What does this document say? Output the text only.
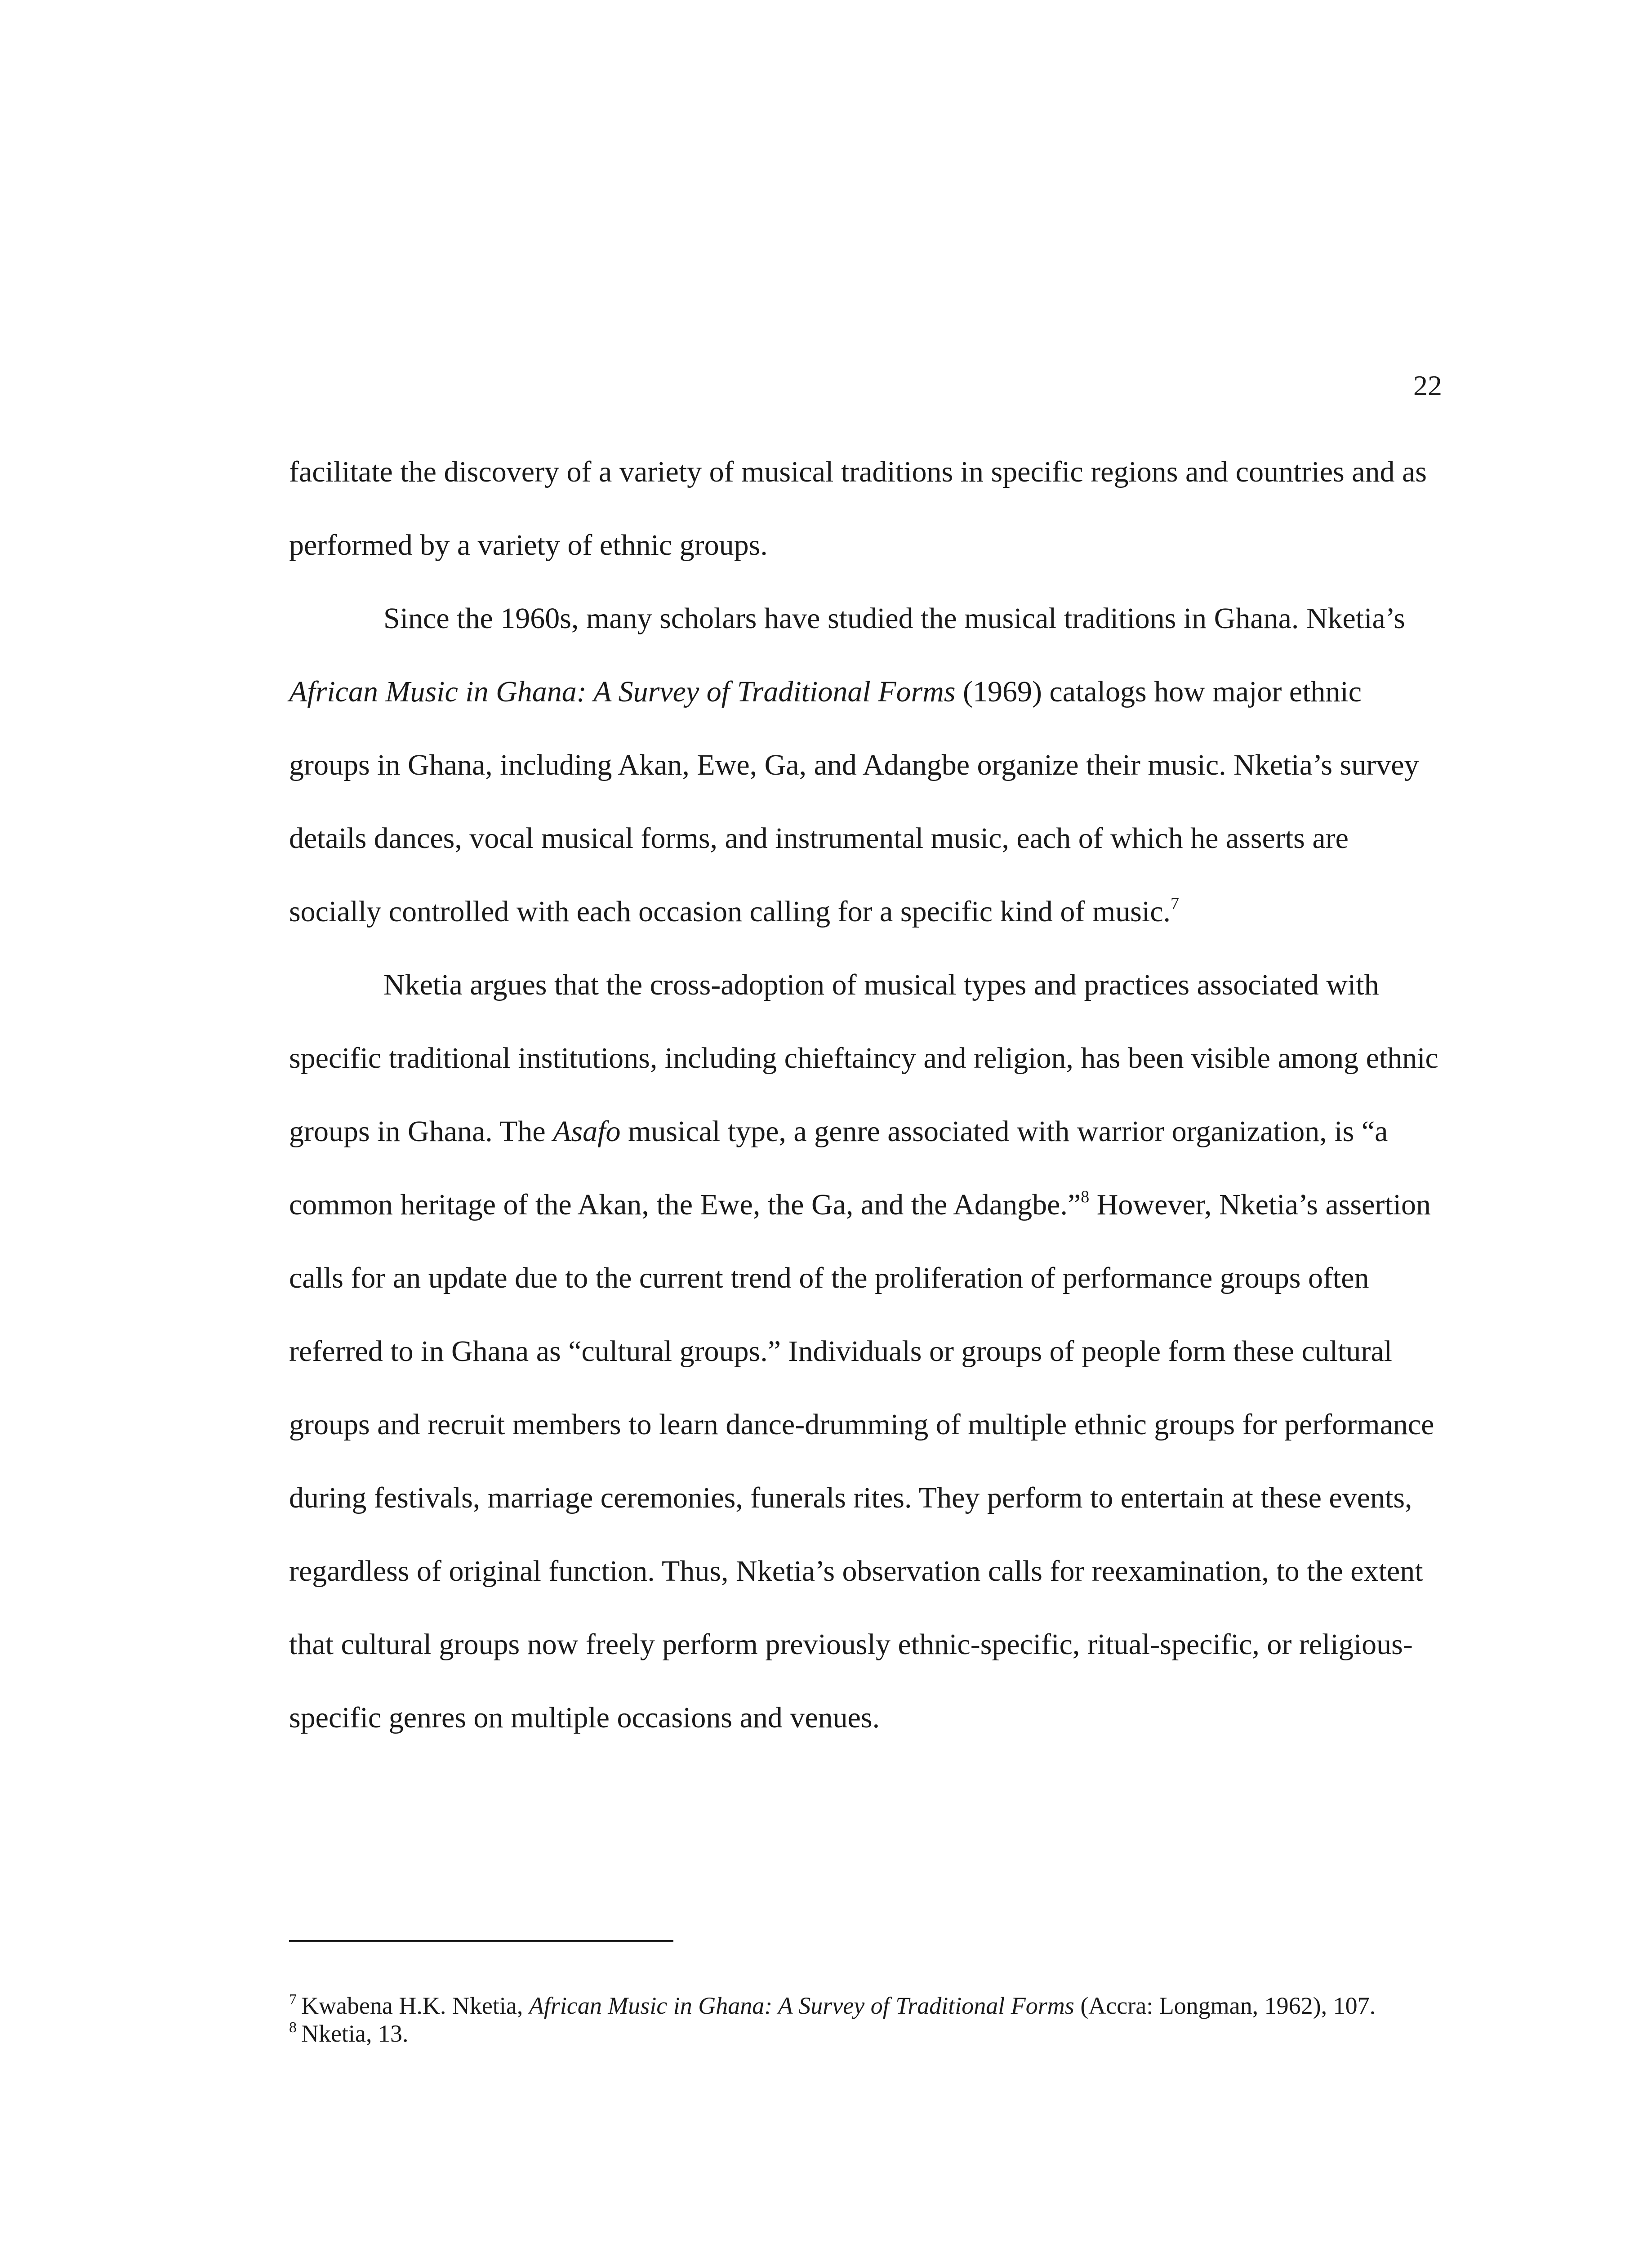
22

facilitate the discovery of a variety of musical traditions in specific regions and countries and as performed by a variety of ethnic groups.

Since the 1960s, many scholars have studied the musical traditions in Ghana. Nketia’s African Music in Ghana: A Survey of Traditional Forms (1969) catalogs how major ethnic groups in Ghana, including Akan, Ewe, Ga, and Adangbe organize their music. Nketia’s survey details dances, vocal musical forms, and instrumental music, each of which he asserts are socially controlled with each occasion calling for a specific kind of music.$^7$

Nketia argues that the cross-adoption of musical types and practices associated with specific traditional institutions, including chieftaincy and religion, has been visible among ethnic groups in Ghana. The Asafo musical type, a genre associated with warrior organization, is “a common heritage of the Akan, the Ewe, the Ga, and the Adangbe.”$^8$ However, Nketia’s assertion calls for an update due to the current trend of the proliferation of performance groups often referred to in Ghana as “cultural groups.” Individuals or groups of people form these cultural groups and recruit members to learn dance-drumming of multiple ethnic groups for performance during festivals, marriage ceremonies, funerals rites. They perform to entertain at these events, regardless of original function. Thus, Nketia’s observation calls for reexamination, to the extent that cultural groups now freely perform previously ethnic-specific, ritual-specific, or religious-specific genres on multiple occasions and venues.

$^7$ Kwabena H.K. Nketia, African Music in Ghana: A Survey of Traditional Forms (Accra: Longman, 1962), 107.

$^8$ Nketia, 13.
